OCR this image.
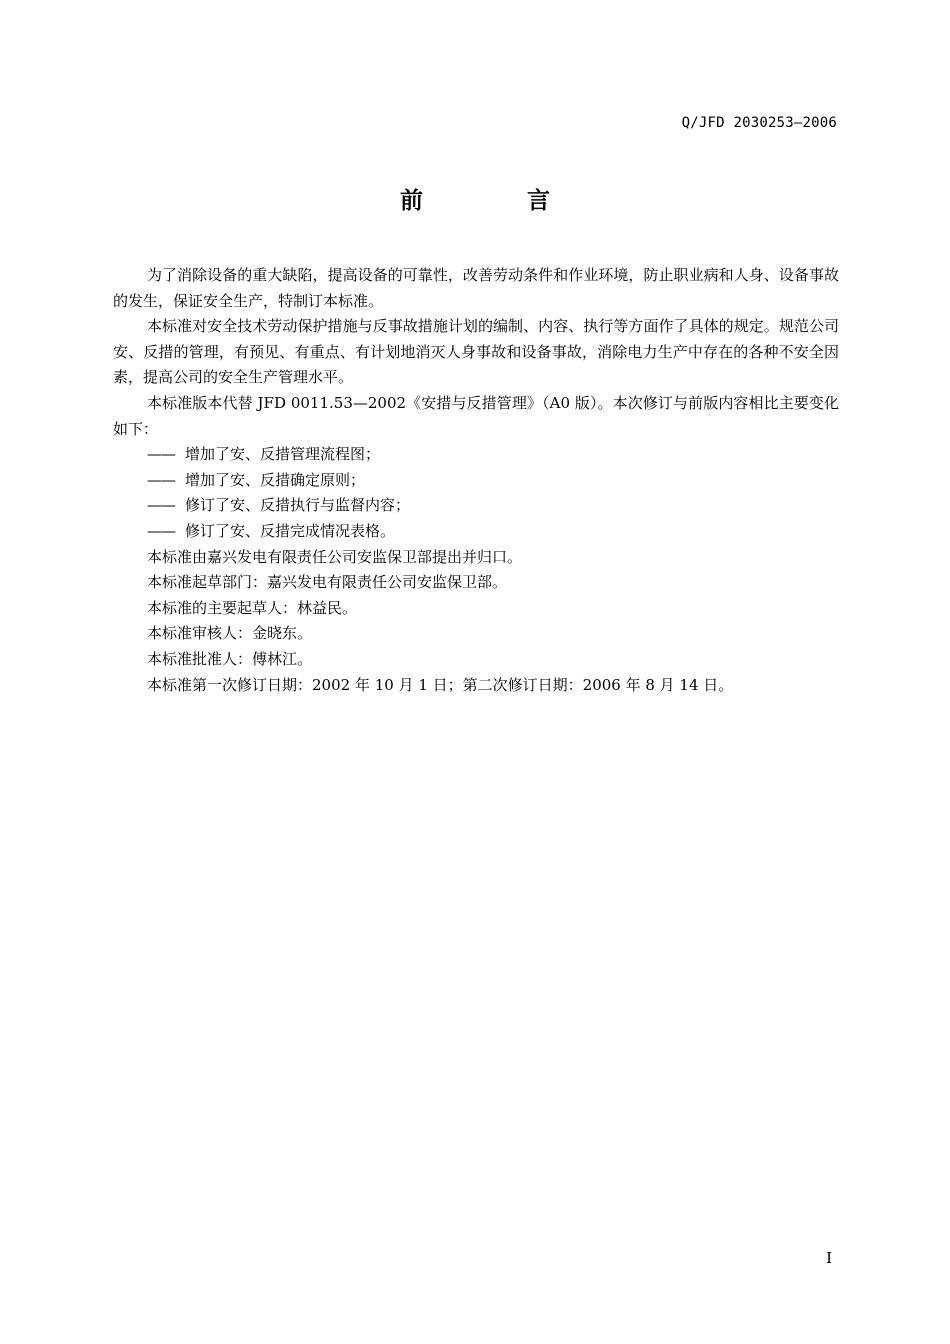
Q/JFD 2030253—2006
前 言

为了消除设备的重大缺陷，提高设备的可靠性，改善劳动条件和作业环境，防止职业病和人身、设备事故的发生，保证安全生产，特制订本标准。

本标准对安全技术劳动保护措施与反事故措施计划的编制、内容、执行等方面作了具体的规定。规范公司安、反措的管理，有预见、有重点、有计划地消灭人身事故和设备事故，消除电力生产中存在的各种不安全因素，提高公司的安全生产管理水平。

本标准版本代替 JFD 0011.53—2002《安措与反措管理》（A0 版）。本次修订与前版内容相比主要变化如下：

—— 增加了安、反措管理流程图；

—— 增加了安、反措确定原则；

—— 修订了安、反措执行与监督内容；

—— 修订了安、反措完成情况表格。

本标准由嘉兴发电有限责任公司安监保卫部提出并归口。

本标准起草部门：嘉兴发电有限责任公司安监保卫部。

本标准的主要起草人：林益民。

本标准审核人：金晓东。

本标准批准人：傅林江。

本标准第一次修订日期：2002 年 10 月 1 日；第二次修订日期：2006 年 8 月 14 日。

I
